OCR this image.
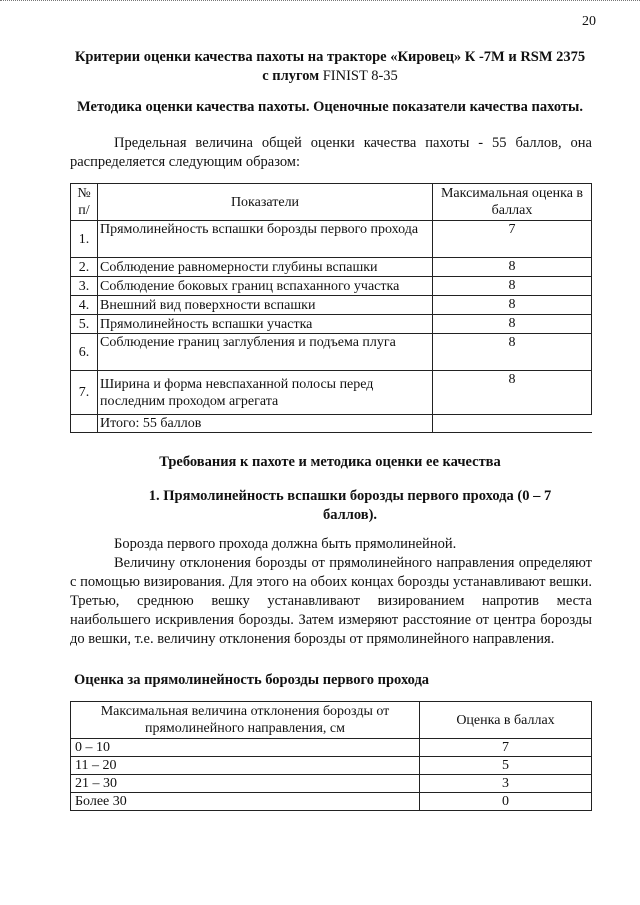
20
Критерии оценки качества пахоты на тракторе «Кировец» К -7М и RSM 2375 с плугом FINIST 8-35
Методика оценки качества пахоты. Оценочные показатели качества пахоты.
Предельная величина общей оценки качества пахоты - 55 баллов, она распределяется следующим образом:
№ п/	Показатели	Максимальная оценка в баллах
1.	Прямолинейность вспашки борозды первого прохода	7
2.	Соблюдение равномерности глубины вспашки	8
3.	Соблюдение боковых границ вспаханного участка	8
4.	Внешний вид поверхности вспашки	8
5.	Прямолинейность вспашки участка	8
6.	Соблюдение границ заглубления и подъема плуга	8
7.	Ширина и форма невспаханной полосы перед последним проходом агрегата	8
	Итого: 55 баллов	
Требования к пахоте и методика оценки ее качества
1. Прямолинейность вспашки борозды первого прохода (0 – 7 баллов).
Борозда первого прохода должна быть прямолинейной.
Величину отклонения борозды от прямолинейного направления определяют с помощью визирования. Для этого на обоих концах борозды устанавливают вешки. Третью, среднюю вешку устанавливают визированием напротив места наибольшего искривления борозды. Затем измеряют расстояние от центра борозды до вешки, т.е. величину отклонения борозды от прямолинейного направления.
Оценка за прямолинейность борозды первого прохода
Максимальная величина отклонения борозды от прямолинейного направления, см	Оценка в баллах
0 – 10	7
11 – 20	5
21 – 30	3
Более 30	0
